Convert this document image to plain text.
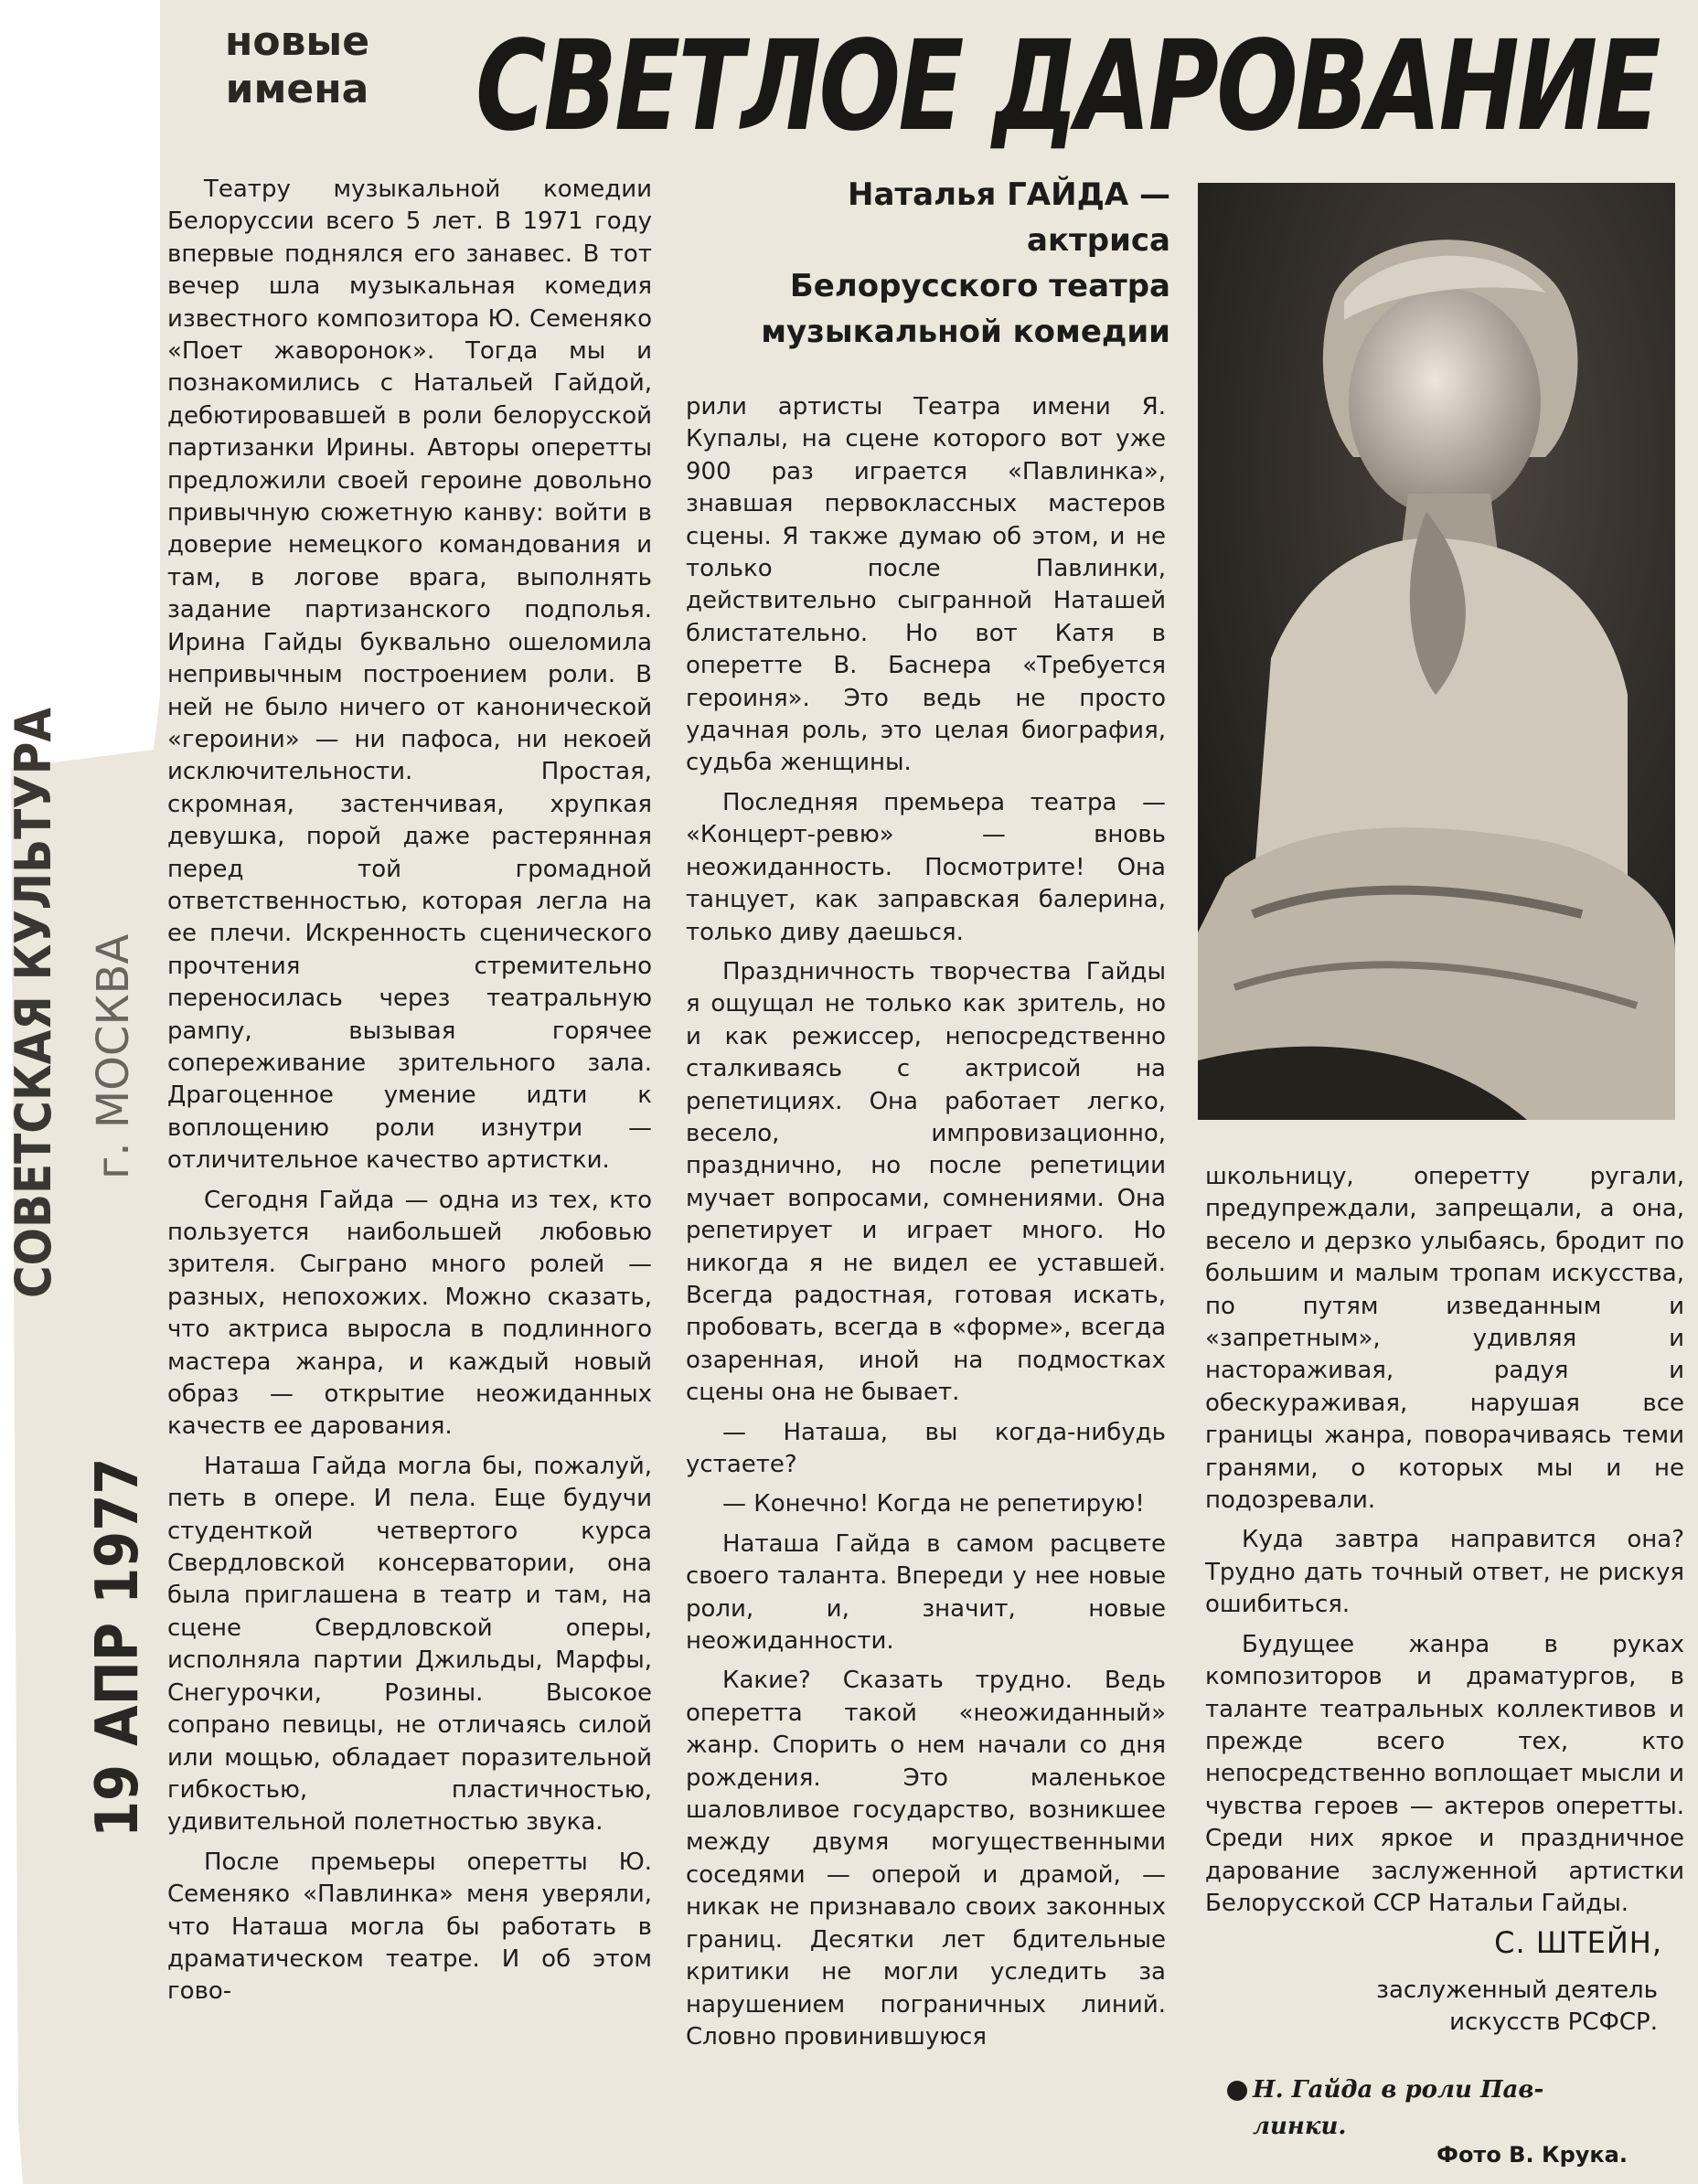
СОВЕТСКАЯ КУЛЬТУРА г. МОСКВА
19 АПР 1977
новые
имена СВЕТЛОЕ ДАРОВАНИЕ
Наталья ГАЙДА —
актриса
Белорусского театра
музыкальной комедии

Театру музыкальной комедии Белоруссии всего 5 лет. В 1971 году впервые поднялся его занавес. В тот вечер шла музыкальная комедия известного композитора Ю. Семеняко «Поет жаворонок». Тогда мы и познакомились с Натальей Гайдой, дебютировавшей в роли белорусской партизанки Ирины. Авторы оперетты предложили своей героине довольно привычную сюжетную канву: войти в доверие немецкого командования и там, в логове врага, выполнять задание партизанского подполья. Ирина Гайды буквально ошеломила непривычным построением роли. В ней не было ничего от канонической «героини» — ни пафоса, ни некоей исключительности. Простая, скромная, застенчивая, хрупкая девушка, порой даже растерянная перед той громадной ответственностью, которая легла на ее плечи. Искренность сценического прочтения стремительно переносилась через театральную рампу, вызывая горячее сопереживание зрительного зала. Драгоценное умение идти к воплощению роли изнутри — отличительное качество артистки.

Сегодня Гайда — одна из тех, кто пользуется наибольшей любовью зрителя. Сыграно много ролей — разных, непохожих. Можно сказать, что актриса выросла в подлинного мастера жанра, и каждый новый образ — открытие неожиданных качеств ее дарования.

Наташа Гайда могла бы, пожалуй, петь в опере. И пела. Еще будучи студенткой четвертого курса Свердловской консерватории, она была приглашена в театр и там, на сцене Свердловской оперы, исполняла партии Джильды, Марфы, Снегурочки, Розины. Высокое сопрано певицы, не отличаясь силой или мощью, обладает поразительной гибкостью, пластичностью, удивительной полетностью звука.

После премьеры оперетты Ю. Семеняко «Павлинка» меня уверяли, что Наташа могла бы работать в драматическом театре. И об этом гово-

рили артисты Театра имени Я. Купалы, на сцене которого вот уже 900 раз играется «Павлинка», знавшая первоклассных мастеров сцены. Я также думаю об этом, и не только после Павлинки, действительно сыгранной Наташей блистательно. Но вот Катя в оперетте В. Баснера «Требуется героиня». Это ведь не просто удачная роль, это целая биография, судьба женщины.

Последняя премьера театра — «Концерт-ревю» — вновь неожиданность. Посмотрите! Она танцует, как заправская балерина, только диву даешься.

Праздничность творчества Гайды я ощущал не только как зритель, но и как режиссер, непосредственно сталкиваясь с актрисой на репетициях. Она работает легко, весело, импровизационно, празднично, но после репетиции мучает вопросами, сомнениями. Она репетирует и играет много. Но никогда я не видел ее уставшей. Всегда радостная, готовая искать, пробовать, всегда в «форме», всегда озаренная, иной на подмостках сцены она не бывает.

— Наташа, вы когда-нибудь устаете?

— Конечно! Когда не репетирую!

Наташа Гайда в самом расцвете своего таланта. Впереди у нее новые роли, и, значит, новые неожиданности.

Какие? Сказать трудно. Ведь оперетта такой «неожиданный» жанр. Спорить о нем начали со дня рождения. Это маленькое шаловливое государство, возникшее между двумя могущественными соседями — оперой и драмой, — никак не признавало своих законных границ. Десятки лет бдительные критики не могли уследить за нарушением пограничных линий. Словно провинившуюся

школьницу, оперетту ругали, предупреждали, запрещали, а она, весело и дерзко улыбаясь, бродит по большим и малым тропам искусства, по путям изведанным и «запретным», удивляя и настораживая, радуя и обескураживая, нарушая все границы жанра, поворачиваясь теми гранями, о которых мы и не подозревали.

Куда завтра направится она? Трудно дать точный ответ, не рискуя ошибиться.

Будущее жанра в руках композиторов и драматургов, в таланте театральных коллективов и прежде всего тех, кто непосредственно воплощает мысли и чувства героев — актеров оперетты. Среди них яркое и праздничное дарование заслуженной артистки Белорусской ССР Натальи Гайды.

С. ШТЕЙН,
заслуженный деятель
искусств РСФСР.
Н. Гайда в роли Пав-
линки.
Фото В. Крука.
